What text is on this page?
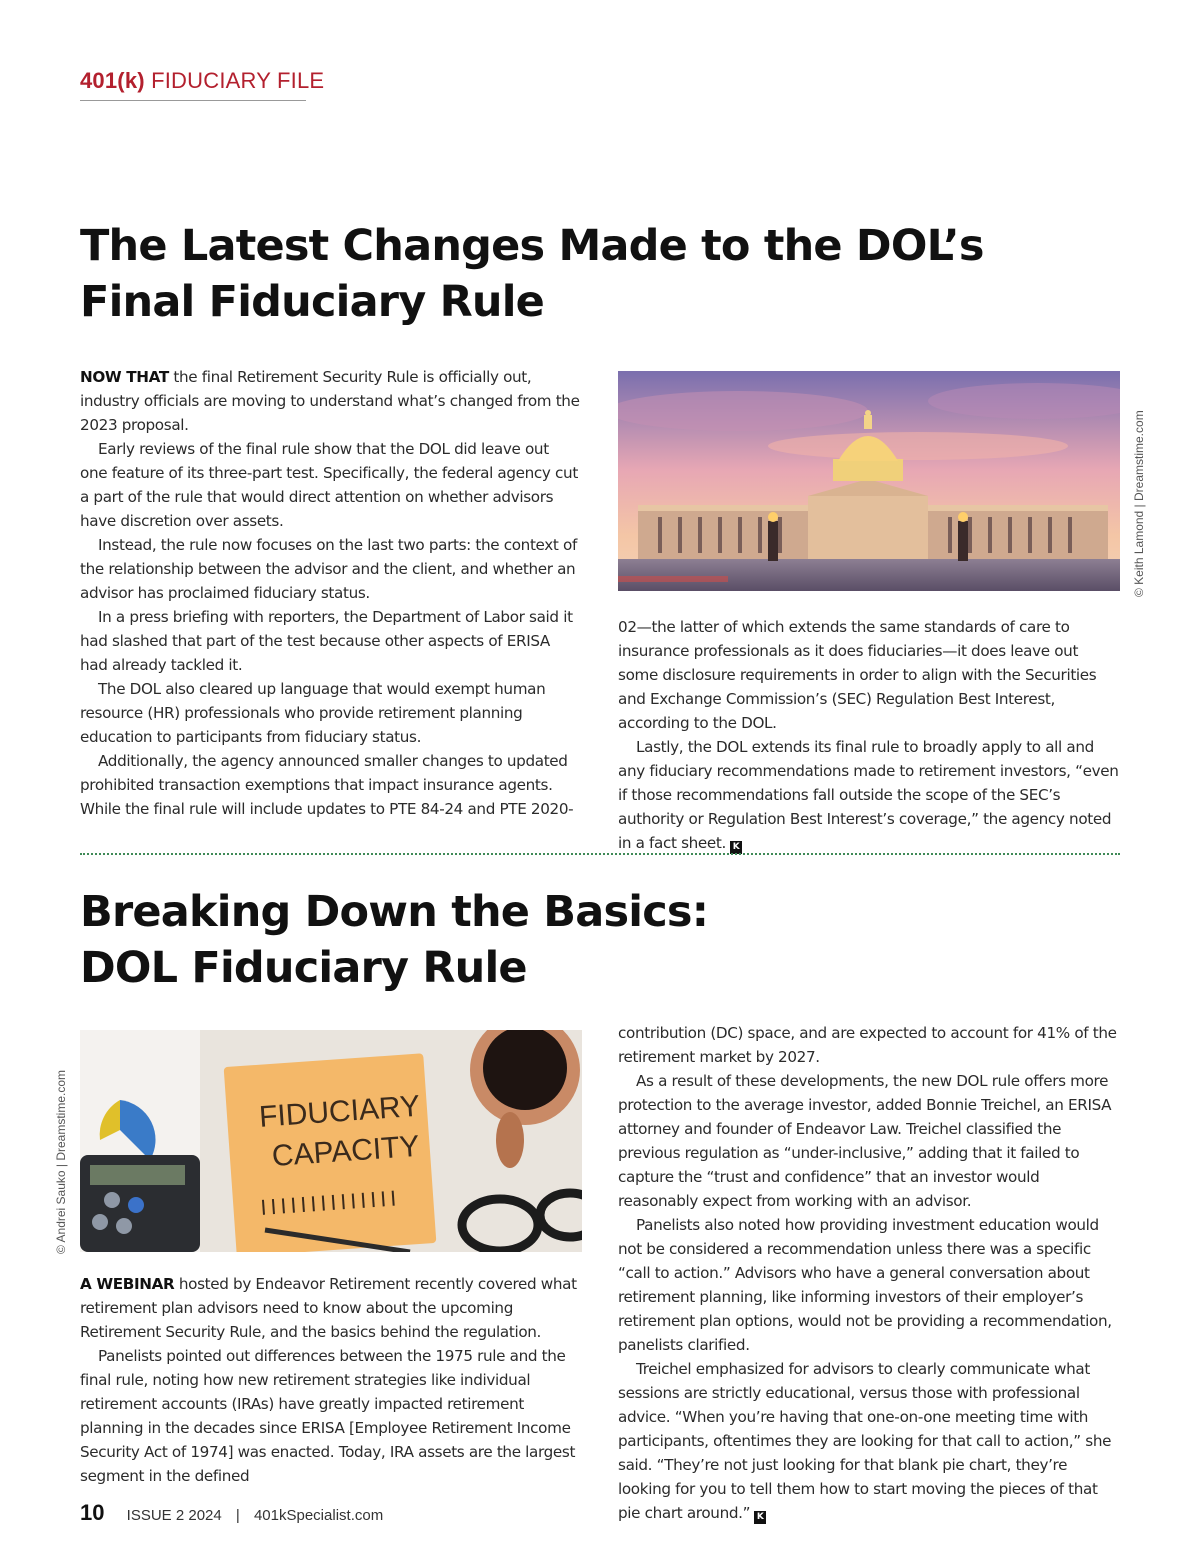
401(k) FIDUCIARY FILE
The Latest Changes Made to the DOL’s
Final Fiduciary Rule

NOW THAT the final Retirement Security Rule is officially out, industry officials are moving to understand what’s changed from the 2023 proposal.

Early reviews of the final rule show that the DOL did leave out one feature of its three-part test. Specifically, the federal agency cut a part of the rule that would direct attention on whether advisors have discretion over assets.

Instead, the rule now focuses on the last two parts: the context of the relationship between the advisor and the client, and whether an advisor has proclaimed fiduciary status.

In a press briefing with reporters, the Department of Labor said it had slashed that part of the test because other aspects of ERISA had already tackled it.

The DOL also cleared up language that would exempt human resource (HR) professionals who provide retirement planning education to participants from fiduciary status.

Additionally, the agency announced smaller changes to updated prohibited transaction exemptions that impact insurance agents. While the final rule will include updates to PTE 84-24 and PTE 2020-

© Keith Lamond | Dreamstime.com

02—the latter of which extends the same standards of care to insurance professionals as it does fiduciaries—it does leave out some disclosure requirements in order to align with the Securities and Exchange Commission’s (SEC) Regulation Best Interest, according to the DOL.

Lastly, the DOL extends its final rule to broadly apply to all and any fiduciary recommendations made to retirement investors, “even if those recommendations fall outside the scope of the SEC’s authority or Regulation Best Interest’s coverage,” the agency noted in a fact sheet. K

Breaking Down the Basics:
DOL Fiduciary Rule
FIDUCIARY
CAPACITY
© Andrei Sauko | Dreamstime.com

A WEBINAR hosted by Endeavor Retirement recently covered what retirement plan advisors need to know about the upcoming Retirement Security Rule, and the basics behind the regulation.

Panelists pointed out differences between the 1975 rule and the final rule, noting how new retirement strategies like individual retirement accounts (IRAs) have greatly impacted retirement planning in the decades since ERISA [Employee Retirement Income Security Act of 1974] was enacted. Today, IRA assets are the largest segment in the defined

contribution (DC) space, and are expected to account for 41% of the retirement market by 2027.

As a result of these developments, the new DOL rule offers more protection to the average investor, added Bonnie Treichel, an ERISA attorney and founder of Endeavor Law. Treichel classified the previous regulation as “under-inclusive,” adding that it failed to capture the “trust and confidence” that an investor would reasonably expect from working with an advisor.

Panelists also noted how providing investment education would not be considered a recommendation unless there was a specific “call to action.” Advisors who have a general conversation about retirement planning, like informing investors of their employer’s retirement plan options, would not be providing a recommendation, panelists clarified.

Treichel emphasized for advisors to clearly communicate what sessions are strictly educational, versus those with professional advice. “When you’re having that one-on-one meeting time with participants, oftentimes they are looking for that call to action,” she said. “They’re not just looking for that blank pie chart, they’re looking for you to tell them how to start moving the pieces of that pie chart around.” K

10 ISSUE 2 2024 | 401kSpecialist.com
